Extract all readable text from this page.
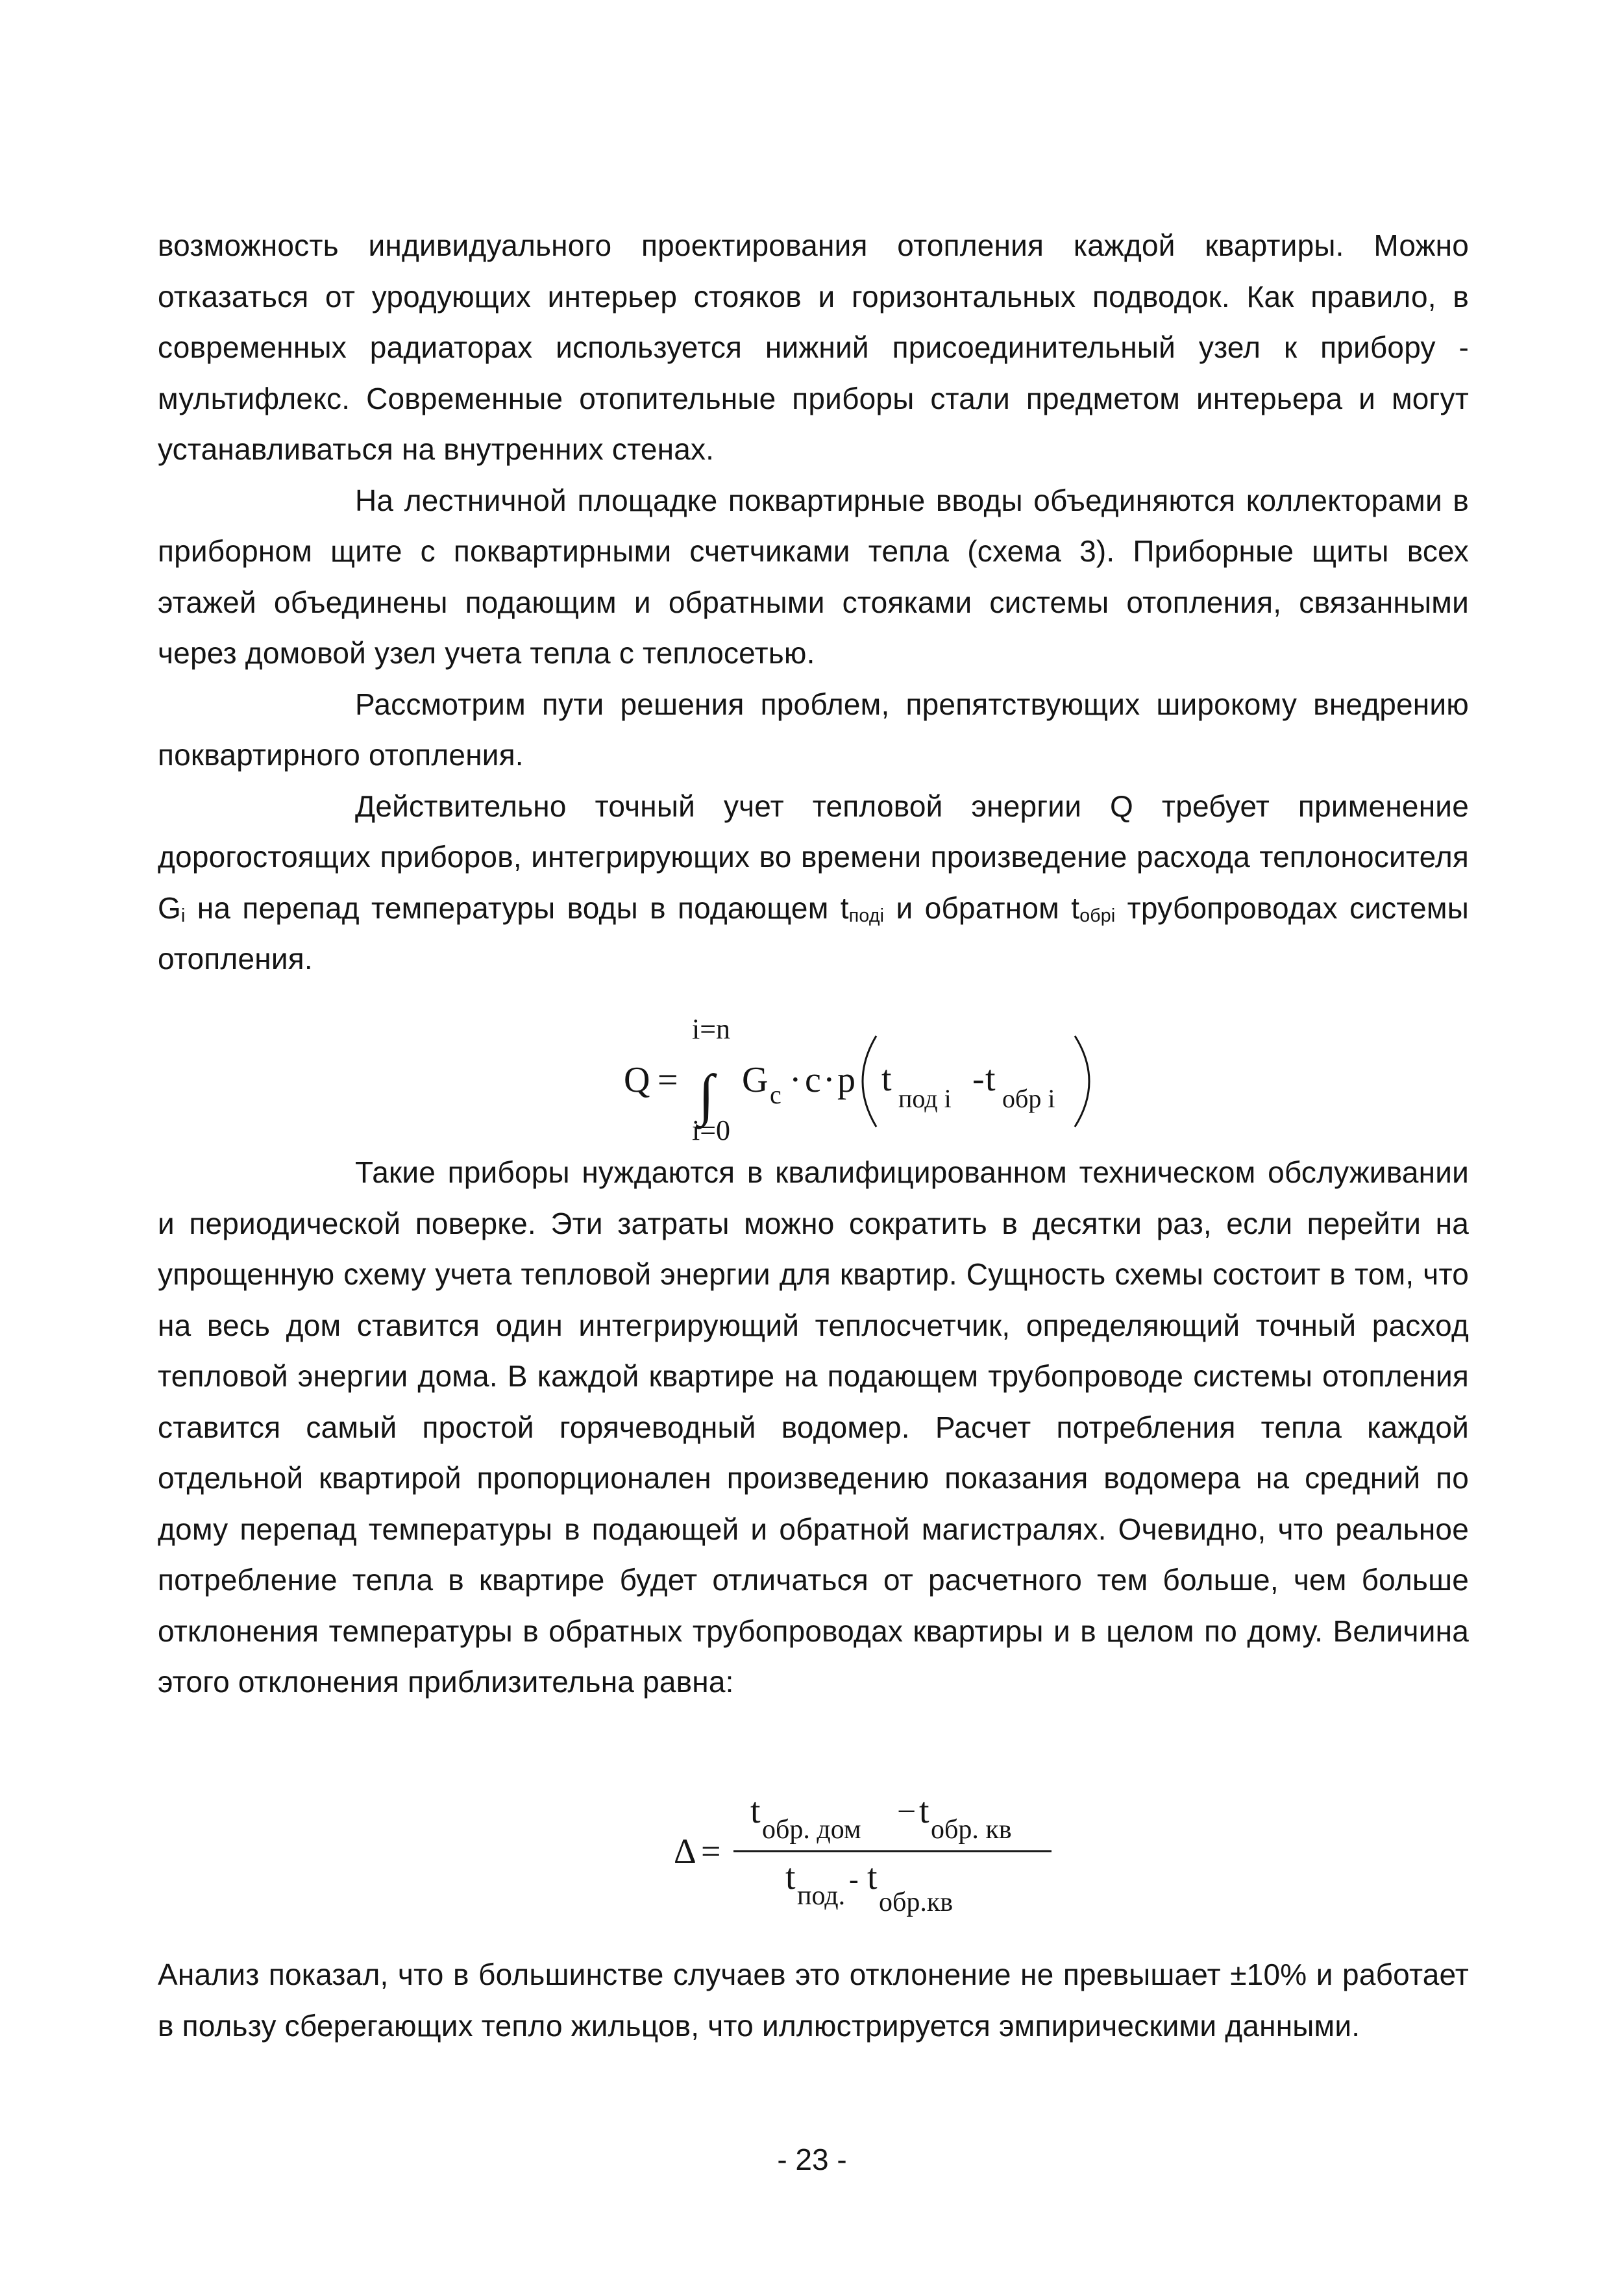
возможность индивидуального проектирования отопления каждой квартиры. Можно отказаться от уродующих интерьер стояков и горизонтальных подводок. Как правило, в современных радиаторах используется нижний присоединительный узел к прибору - мультифлекс. Современные отопительные приборы стали предметом интерьера и могут устанавливаться на внутренних стенах.

На лестничной площадке поквартирные вводы объединяются коллекторами в приборном щите с поквартирными счетчиками тепла (схема 3). Приборные щиты всех этажей объединены подающим и обратными стояками системы отопления, связанными через домовой узел учета тепла с теплосетью.

Рассмотрим пути решения проблем, препятствующих широкому внедрению поквартирного отопления.

Действительно точный учет тепловой энергии Q требует применение дорогостоящих приборов, интегрирующих во времени произведение расхода теплоносителя Gi на перепад температуры воды в подающем tподi и обратном tобрi трубопроводах системы отопления.

Q =
i=n
∫
i=0
G c · c · p t под i - t обр i

Такие приборы нуждаются в квалифицированном техническом обслуживании и периодической поверке. Эти затраты можно сократить в десятки раз, если перейти на упрощенную схему учета тепловой энергии для квартир. Сущность схемы состоит в том, что на весь дом ставится один интегрирующий теплосчетчик, определяющий точный расход тепловой энергии дома. В каждой квартире на подающем трубопроводе системы отопления ставится самый простой горячеводный водомер. Расчет потребления тепла каждой отдельной квартирой пропорционален произведению показания водомера на средний по дому перепад температуры в подающей и обратной магистралях. Очевидно, что реальное потребление тепла в квартире будет отличаться от расчетного тем больше, чем больше отклонения температуры в обратных трубопроводах квартиры и в целом по дому. Величина этого отклонения приблизительна равна:

Δ =
t обр. дом − t обр. кв
t под.
- t
обр.кв

Анализ показал, что в большинстве случаев это отклонение не превышает ±10% и работает в пользу сберегающих тепло жильцов, что иллюстрируется эмпирическими данными.

- 23 -
